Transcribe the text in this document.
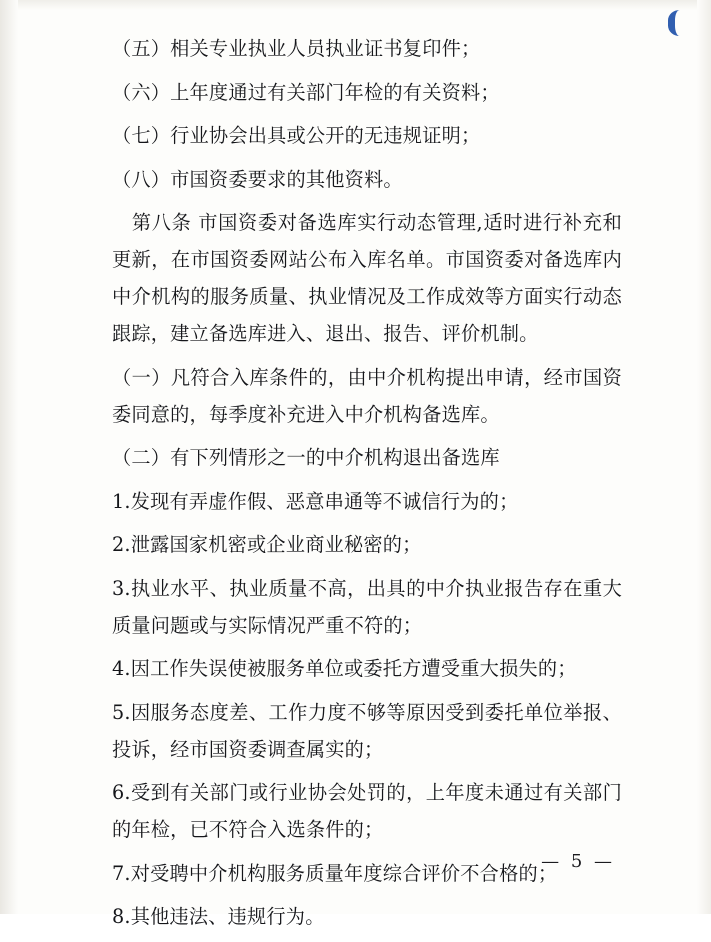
（五）相关专业执业人员执业证书复印件；

（六）上年度通过有关部门年检的有关资料；

（七）行业协会出具或公开的无违规证明；

（八）市国资委要求的其他资料。

　第八条 市国资委对备选库实行动态管理,适时进行补充和更新，在市国资委网站公布入库名单。市国资委对备选库内中介机构的服务质量、执业情况及工作成效等方面实行动态跟踪，建立备选库进入、退出、报告、评价机制。

（一）凡符合入库条件的，由中介机构提出申请，经市国资委同意的，每季度补充进入中介机构备选库。

（二）有下列情形之一的中介机构退出备选库

1.发现有弄虚作假、恶意串通等不诚信行为的；

2.泄露国家机密或企业商业秘密的；

3.执业水平、执业质量不高，出具的中介执业报告存在重大质量问题或与实际情况严重不符的；

4.因工作失误使被服务单位或委托方遭受重大损失的；

5.因服务态度差、工作力度不够等原因受到委托单位举报、投诉，经市国资委调查属实的；

6.受到有关部门或行业协会处罚的，上年度未通过有关部门的年检，已不符合入选条件的；

7.对受聘中介机构服务质量年度综合评价不合格的；

8.其他违法、违规行为。

— 5 —
